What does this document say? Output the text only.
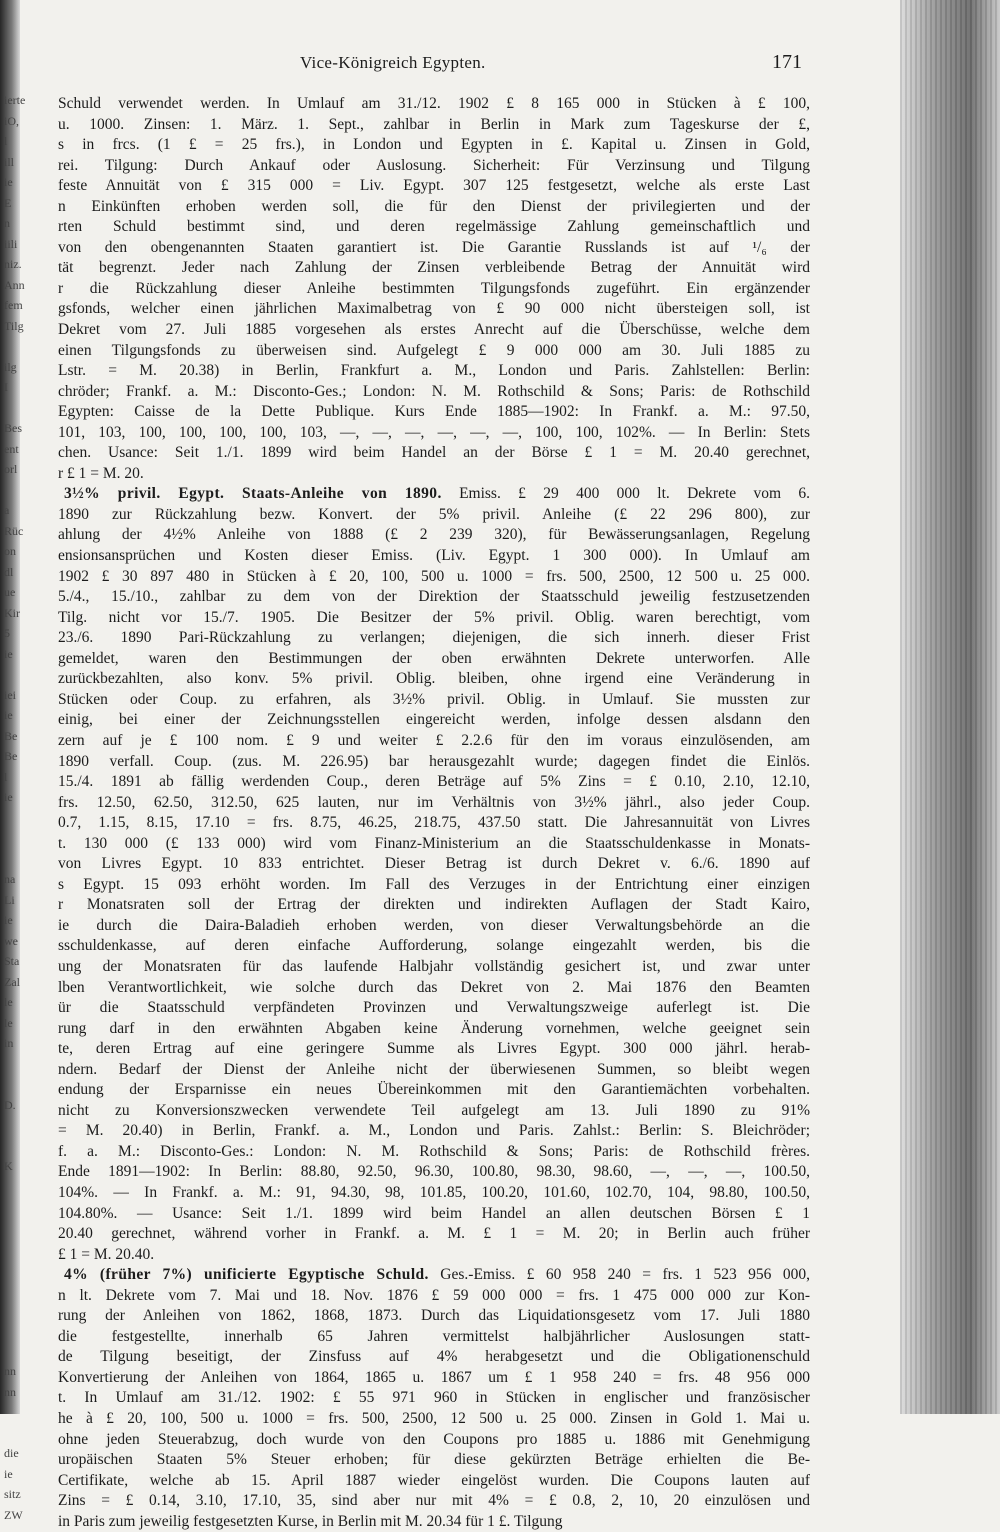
ierte
iO,
l
ill
ie
E
n
iili
niz.
Ann
fem
Tilg
ilg
I
Bes
ent
orl
a
Rüc
on
dl
ue
Kir
5
ie
iei
ie
Be
Be
l
ie
na
Li
ie
we
Sta
Zal
le
le
in
D.
K
nn
nn
die
ie
sitz
ZW
Vice-Königreich Egypten.	171
Schuld verwendet werden. In Umlauf am 31./12. 1902 £ 8 165 000 in Stücken à £ 100,
u. 1000. Zinsen: 1. März. 1. Sept., zahlbar in Berlin in Mark zum Tageskurse der £,
s in frcs. (1 £ = 25 frs.), in London und Egypten in £. Kapital u. Zinsen in Gold,
rei. Tilgung: Durch Ankauf oder Auslosung. Sicherheit: Für Verzinsung und Tilgung
feste Annuität von £ 315 000 = Liv. Egypt. 307 125 festgesetzt, welche als erste Last
n Einkünften erhoben werden soll, die für den Dienst der privilegierten und der
rten Schuld bestimmt sind, und deren regelmässige Zahlung gemeinschaftlich und
von den obengenannten Staaten garantiert ist. Die Garantie Russlands ist auf ¹/₆ der
tät begrenzt. Jeder nach Zahlung der Zinsen verbleibende Betrag der Annuität wird
r die Rückzahlung dieser Anleihe bestimmten Tilgungsfonds zugeführt. Ein ergänzender
gsfonds, welcher einen jährlichen Maximalbetrag von £ 90 000 nicht übersteigen soll, ist
Dekret vom 27. Juli 1885 vorgesehen als erstes Anrecht auf die Überschüsse, welche dem
einen Tilgungsfonds zu überweisen sind. Aufgelegt £ 9 000 000 am 30. Juli 1885 zu
Lstr. = M. 20.38) in Berlin, Frankfurt a. M., London und Paris. Zahlstellen: Berlin:
chröder; Frankf. a. M.: Disconto-Ges.; London: N. M. Rothschild & Sons; Paris: de Rothschild
Egypten: Caisse de la Dette Publique. Kurs Ende 1885—1902: In Frankf. a. M.: 97.50,
101, 103, 100, 100, 100, 100, 103, —, —, —, —, —, —, 100, 100, 102%. — In Berlin: Stets
chen. Usance: Seit 1./1. 1899 wird beim Handel an der Börse £ 1 = M. 20.40 gerechnet,
r £ 1 = M. 20.
3½% privil. Egypt. Staats-Anleihe von 1890. Emiss. £ 29 400 000 lt. Dekrete vom 6.
1890 zur Rückzahlung bezw. Konvert. der 5% privil. Anleihe (£ 22 296 800), zur
ahlung der 4½% Anleihe von 1888 (£ 2 239 320), für Bewässerungsanlagen, Regelung
ensionsansprüchen und Kosten dieser Emiss. (Liv. Egypt. 1 300 000). In Umlauf am
1902 £ 30 897 480 in Stücken à £ 20, 100, 500 u. 1000 = frs. 500, 2500, 12 500 u. 25 000.
5./4., 15./10., zahlbar zu dem von der Direktion der Staatsschuld jeweilig festzusetzenden
Tilg. nicht vor 15./7. 1905. Die Besitzer der 5% privil. Oblig. waren berechtigt, vom
23./6. 1890 Pari-Rückzahlung zu verlangen; diejenigen, die sich innerh. dieser Frist
gemeldet, waren den Bestimmungen der oben erwähnten Dekrete unterworfen. Alle
zurückbezahlten, also konv. 5% privil. Oblig. bleiben, ohne irgend eine Veränderung in
Stücken oder Coup. zu erfahren, als 3½% privil. Oblig. in Umlauf. Sie mussten zur
einig, bei einer der Zeichnungsstellen eingereicht werden, infolge dessen alsdann den
zern auf je £ 100 nom. £ 9 und weiter £ 2.2.6 für den im voraus einzulösenden, am
1890 verfall. Coup. (zus. M. 226.95) bar herausgezahlt wurde; dagegen findet die Einlös.
15./4. 1891 ab fällig werdenden Coup., deren Beträge auf 5% Zins = £ 0.10, 2.10, 12.10,
frs. 12.50, 62.50, 312.50, 625 lauten, nur im Verhältnis von 3½% jährl., also jeder Coup.
0.7, 1.15, 8.15, 17.10 = frs. 8.75, 46.25, 218.75, 437.50 statt. Die Jahresannuität von Livres
t. 130 000 (£ 133 000) wird vom Finanz-Ministerium an die Staatsschuldenkasse in Monats-
von Livres Egypt. 10 833 entrichtet. Dieser Betrag ist durch Dekret v. 6./6. 1890 auf
s Egypt. 15 093 erhöht worden. Im Fall des Verzuges in der Entrichtung einer einzigen
r Monatsraten soll der Ertrag der direkten und indirekten Auflagen der Stadt Kairo,
ie durch die Daira-Baladieh erhoben werden, von dieser Verwaltungsbehörde an die
sschuldenkasse, auf deren einfache Aufforderung, solange eingezahlt werden, bis die
ung der Monatsraten für das laufende Halbjahr vollständig gesichert ist, und zwar unter
lben Verantwortlichkeit, wie solche durch das Dekret von 2. Mai 1876 den Beamten
ür die Staatsschuld verpfändeten Provinzen und Verwaltungszweige auferlegt ist. Die
rung darf in den erwähnten Abgaben keine Änderung vornehmen, welche geeignet sein
te, deren Ertrag auf eine geringere Summe als Livres Egypt. 300 000 jährl. herab-
ndern. Bedarf der Dienst der Anleihe nicht der überwiesenen Summen, so bleibt wegen
endung der Ersparnisse ein neues Übereinkommen mit den Garantiemächten vorbehalten.
nicht zu Konversionszwecken verwendete Teil aufgelegt am 13. Juli 1890 zu 91%
= M. 20.40) in Berlin, Frankf. a. M., London und Paris. Zahlst.: Berlin: S. Bleichröder;
f. a. M.: Disconto-Ges.: London: N. M. Rothschild & Sons; Paris: de Rothschild frères.
Ende 1891—1902: In Berlin: 88.80, 92.50, 96.30, 100.80, 98.30, 98.60, —, —, —, 100.50,
104%. — In Frankf. a. M.: 91, 94.30, 98, 101.85, 100.20, 101.60, 102.70, 104, 98.80, 100.50,
104.80%. — Usance: Seit 1./1. 1899 wird beim Handel an allen deutschen Börsen £ 1
20.40 gerechnet, während vorher in Frankf. a. M. £ 1 = M. 20; in Berlin auch früher
£ 1 = M. 20.40.
4% (früher 7%) unificierte Egyptische Schuld. Ges.-Emiss. £ 60 958 240 = frs. 1 523 956 000,
n lt. Dekrete vom 7. Mai und 18. Nov. 1876 £ 59 000 000 = frs. 1 475 000 000 zur Kon-
rung der Anleihen von 1862, 1868, 1873. Durch das Liquidationsgesetz vom 17. Juli 1880
die festgestellte, innerhalb 65 Jahren vermittelst halbjährlicher Auslosungen statt-
de Tilgung beseitigt, der Zinsfuss auf 4% herabgesetzt und die Obligationenschuld
Konvertierung der Anleihen von 1864, 1865 u. 1867 um £ 1 958 240 = frs. 48 956 000
t. In Umlauf am 31./12. 1902: £ 55 971 960 in Stücken in englischer und französischer
he à £ 20, 100, 500 u. 1000 = frs. 500, 2500, 12 500 u. 25 000. Zinsen in Gold 1. Mai u.
ohne jeden Steuerabzug, doch wurde von den Coupons pro 1885 u. 1886 mit Genehmigung
uropäischen Staaten 5% Steuer erhoben; für diese gekürzten Beträge erhielten die Be-
Certifikate, welche ab 15. April 1887 wieder eingelöst wurden. Die Coupons lauten auf
Zins = £ 0.14, 3.10, 17.10, 35, sind aber nur mit 4% = £ 0.8, 2, 10, 20 einzulösen und
in Paris zum jeweilig festgesetzten Kurse, in Berlin mit M. 20.34 für 1 £. Tilgung
